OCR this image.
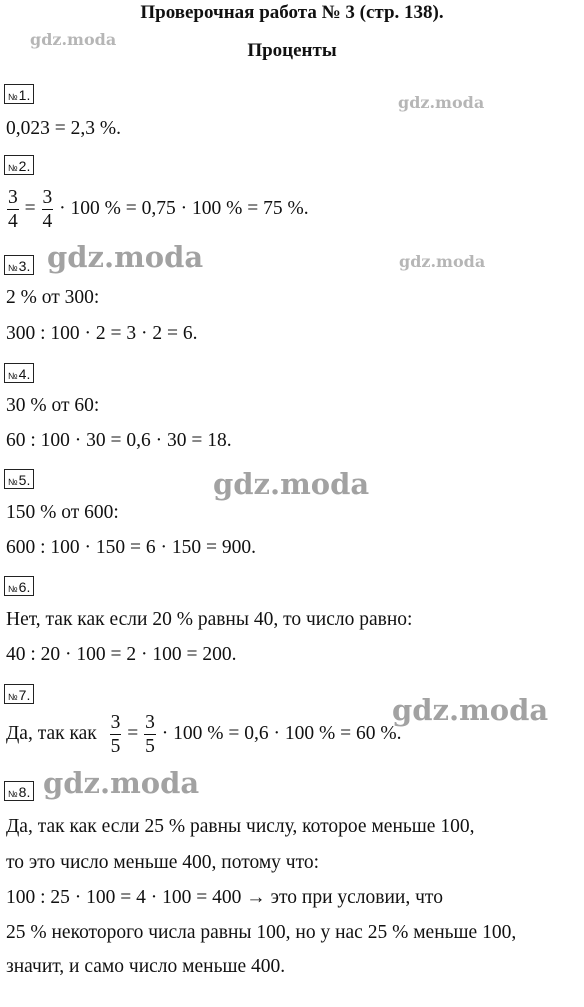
Проверочная работа № 3 (стр. 138).
Проценты
gdz.moda
gdz.moda
gdz.moda	gdz.moda
gdz.moda
gdz.moda
gdz.moda
№1.
0,023 = 2,3 %.
№2.
$\frac{3}{4} = \frac{3}{4} \cdot 100$ % = 0,75 · 100 % = 75 %.
№3.
2 % от 300:
300 : 100 · 2 = 3 · 2 = 6.
№4.
30 % от 60:
60 : 100 · 30 = 0,6 · 30 = 18.
№5.
150 % от 600:
600 : 100 · 150 = 6 · 150 = 900.
№6.
Нет, так как если 20 % равны 40, то число равно:
40 : 20 · 100 = 2 · 100 = 200.
№7.
Да, так как $\frac{3}{5} = \frac{3}{5} \cdot 100$ % = 0,6 · 100 % = 60 %.
№8.
Да, так как если 25 % равны числу, которое меньше 100,
то это число меньше 400, потому что:
100 : 25 · 100 = 4 · 100 = 400 → это при условии, что
25 % некоторого числа равны 100, но у нас 25 % меньше 100,
значит, и само число меньше 400.
